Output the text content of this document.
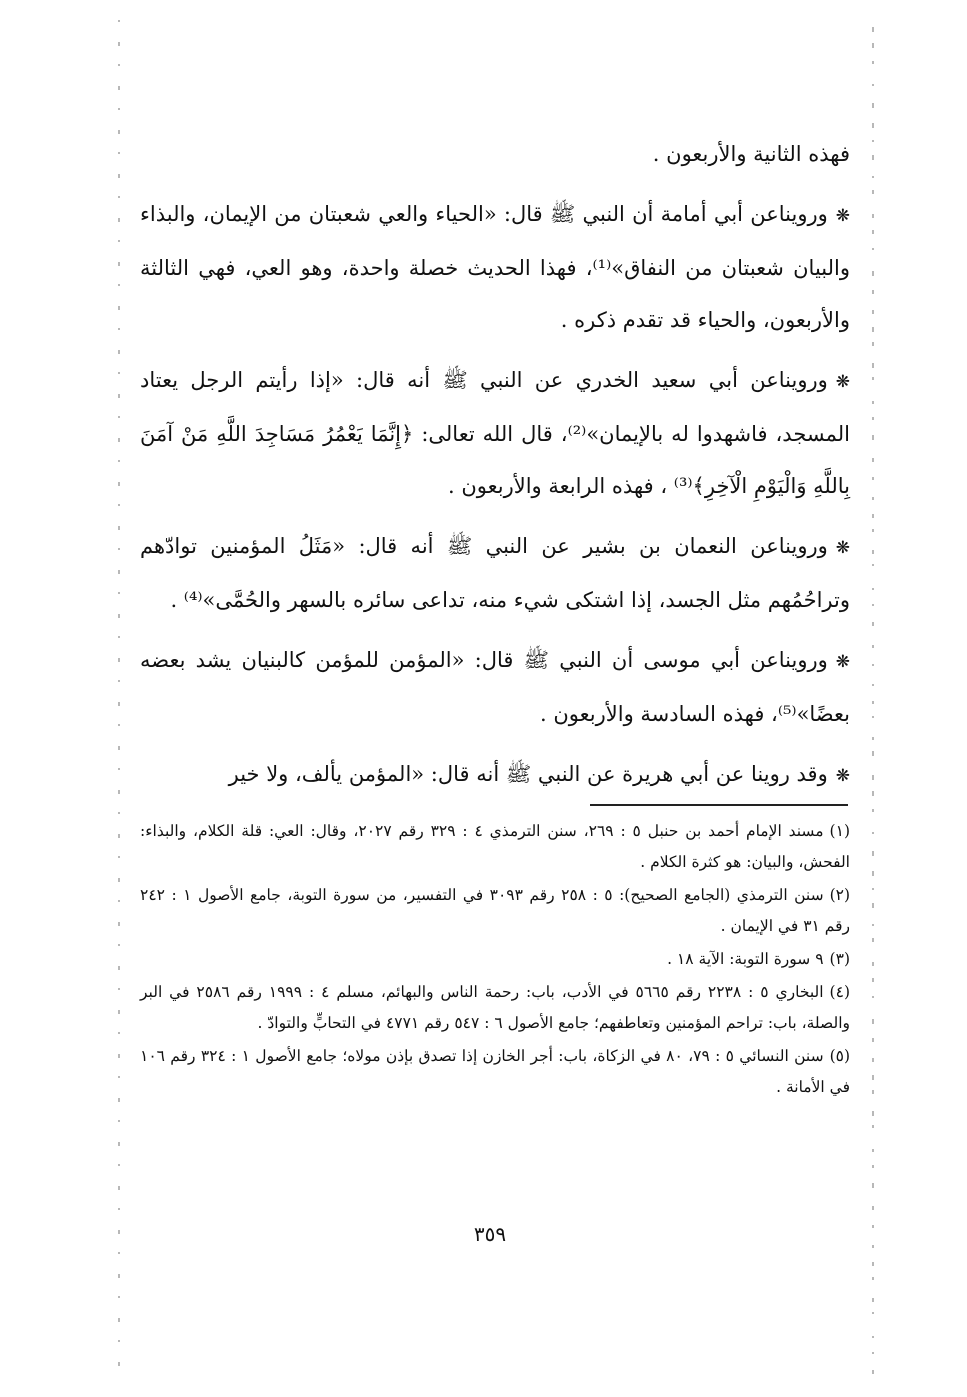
فهذه الثانية والأربعون .

❋ورويناعن أبي أمامة أن النبي ﷺ قال: «الحياء والعي شعبتان من الإيمان، والبذاء والبيان شعبتان من النفاق»⁽¹⁾، فهذا الحديث خصلة واحدة، وهو العي، فهي الثالثة والأربعون، والحياء قد تقدم ذكره .

❋ورويناعن أبي سعيد الخدري عن النبي ﷺ أنه قال: «إذا رأيتم الرجل يعتاد المسجد، فاشهدوا له بالإيمان»⁽²⁾، قال الله تعالى: ﴿إِنَّمَا يَعْمُرُ مَسَاجِدَ اللَّهِ مَنْ آمَنَ بِاللَّهِ وَالْيَوْمِ الْآخِرِ﴾⁽³⁾ ، فهذه الرابعة والأربعون .

❋ورويناعن النعمان بن بشير عن النبي ﷺ أنه قال: «مَثَلُ المؤمنين توادّهم وتراحُمُهم مثل الجسد، إذا اشتكى شيء منه، تداعى سائره بالسهر والحُمَّى»⁽⁴⁾ .

❋ورويناعن أبي موسى أن النبي ﷺ قال: «المؤمن للمؤمن كالبنيان يشد بعضه بعضًا»⁽⁵⁾، فهذه السادسة والأربعون .

❋وقد روينا عن أبي هريرة عن النبي ﷺ أنه قال: «المؤمن يألف، ولا خير

(١)مسند الإمام أحمد بن حنبل ٥ : ٢٦٩، سنن الترمذي ٤ : ٣٢٩ رقم ٢٠٢٧، وقال: العي: قلة الكلام، والبذاء: الفحش، والبيان: هو كثرة الكلام .

(٢)سنن الترمذي (الجامع الصحيح): ٥ : ٢٥٨ رقم ٣٠٩٣ في التفسير، من سورة التوبة، جامع الأصول ١ : ٢٤٢ رقم ٣١ في الإيمان .

(٣)٩ سورة التوبة: الآية ١٨ .

(٤)البخاري ٥ : ٢٢٣٨ رقم ٥٦٦٥ في الأدب، باب: رحمة الناس والبهائم، مسلم ٤ : ١٩٩٩ رقم ٢٥٨٦ في البر والصلة، باب: تراحم المؤمنين وتعاطفهم؛ جامع الأصول ٦ : ٥٤٧ رقم ٤٧٧١ في التحابٍّ والتوادّ .

(٥)سنن النسائي ٥ : ٧٩، ٨٠ في الزكاة، باب: أجر الخازن إذا تصدق بإذن مولاه؛ جامع الأصول ١ : ٣٢٤ رقم ١٠٦ في الأمانة .

٣٥٩
